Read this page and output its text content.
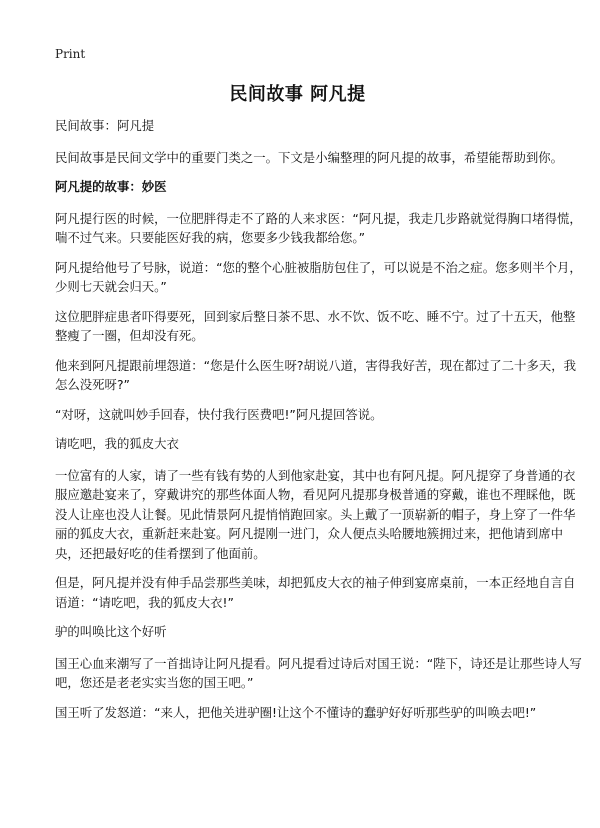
Print
民间故事 阿凡提

民间故事：阿凡提

民间故事是民间文学中的重要门类之一。下文是小编整理的阿凡提的故事，希望能帮助到你。

阿凡提的故事：妙医

阿凡提行医的时候，一位肥胖得走不了路的人来求医：“阿凡提，我走几步路就觉得胸口堵得慌，喘不过气来。只要能医好我的病，您要多少钱我都给您。”

阿凡提给他号了号脉，说道：“您的整个心脏被脂肪包住了，可以说是不治之症。您多则半个月，少则七天就会归天。”

这位肥胖症患者吓得要死，回到家后整日茶不思、水不饮、饭不吃、睡不宁。过了十五天，他整整瘦了一圈，但却没有死。

他来到阿凡提跟前埋怨道：“您是什么医生呀?胡说八道，害得我好苦，现在都过了二十多天，我怎么没死呀?”

“对呀，这就叫妙手回春，快付我行医费吧!”阿凡提回答说。

请吃吧，我的狐皮大衣

一位富有的人家，请了一些有钱有势的人到他家赴宴，其中也有阿凡提。阿凡提穿了身普通的衣服应邀赴宴来了，穿戴讲究的那些体面人物，看见阿凡提那身极普通的穿戴，谁也不理睬他，既没人让座也没人让餐。见此情景阿凡提悄悄跑回家。头上戴了一顶崭新的帽子，身上穿了一件华丽的狐皮大衣，重新赶来赴宴。阿凡提刚一进门，众人便点头哈腰地簇拥过来，把他请到席中央，还把最好吃的佳肴摆到了他面前。

但是，阿凡提并没有伸手品尝那些美味，却把狐皮大衣的袖子伸到宴席桌前，一本正经地自言自语道：“请吃吧，我的狐皮大衣!”

驴的叫唤比这个好听

国王心血来潮写了一首拙诗让阿凡提看。阿凡提看过诗后对国王说：“陛下，诗还是让那些诗人写吧，您还是老老实实当您的国王吧。”

国王听了发怒道：“来人，把他关进驴圈!让这个不懂诗的蠢驴好好听那些驴的叫唤去吧!”
